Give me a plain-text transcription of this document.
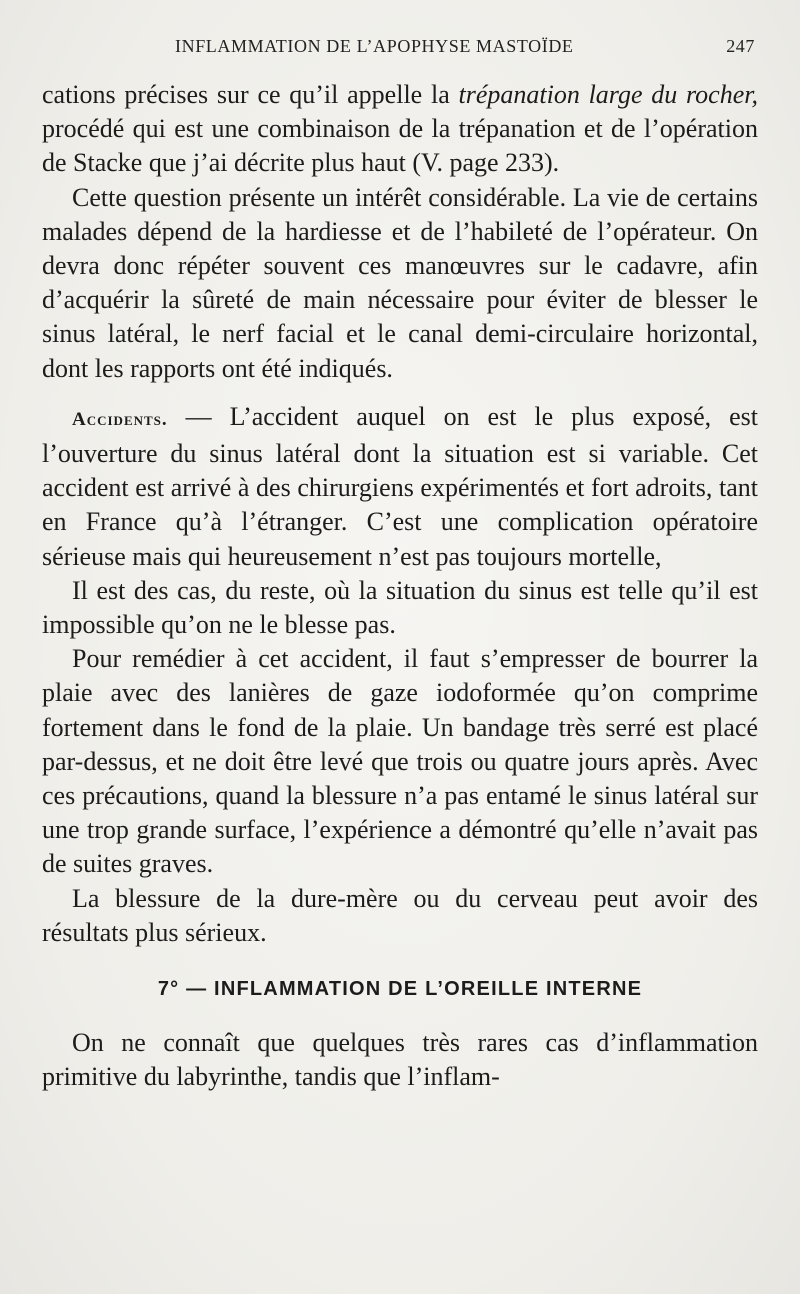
INFLAMMATION DE L’APOPHYSE MASTOÏDE	247

cations précises sur ce qu’il appelle la trépanation large du rocher, procédé qui est une combinaison de la trépanation et de l’opération de Stacke que j’ai décrite plus haut (V. page 233).

Cette question présente un intérêt considérable. La vie de certains malades dépend de la hardiesse et de l’habileté de l’opérateur. On devra donc répéter souvent ces manœuvres sur le cadavre, afin d’acquérir la sûreté de main nécessaire pour éviter de blesser le sinus latéral, le nerf facial et le canal demi-circulaire horizontal, dont les rapports ont été indiqués.

Accidents. — L’accident auquel on est le plus exposé, est l’ouverture du sinus latéral dont la situation est si variable. Cet accident est arrivé à des chirurgiens expérimentés et fort adroits, tant en France qu’à l’étranger. C’est une complication opératoire sérieuse mais qui heureusement n’est pas toujours mortelle,

Il est des cas, du reste, où la situation du sinus est telle qu’il est impossible qu’on ne le blesse pas.

Pour remédier à cet accident, il faut s’empresser de bourrer la plaie avec des lanières de gaze iodoformée qu’on comprime fortement dans le fond de la plaie. Un bandage très serré est placé par-dessus, et ne doit être levé que trois ou quatre jours après. Avec ces précautions, quand la blessure n’a pas entamé le sinus latéral sur une trop grande surface, l’expérience a démontré qu’elle n’avait pas de suites graves.

La blessure de la dure-mère ou du cerveau peut avoir des résultats plus sérieux.

7° — INFLAMMATION DE L’OREILLE INTERNE

On ne connaît que quelques très rares cas d’inflammation primitive du labyrinthe, tandis que l’inflam-
